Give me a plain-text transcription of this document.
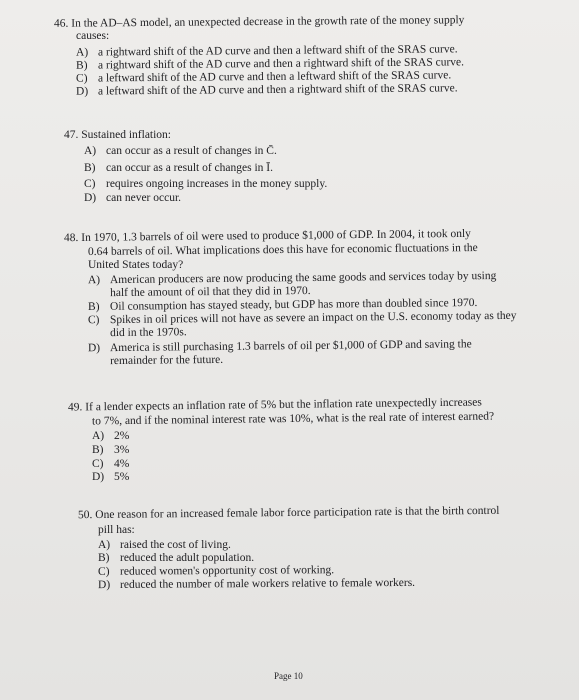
46. In the AD–AS model, an unexpected decrease in the growth rate of the money supply
causes:
A) a rightward shift of the AD curve and then a leftward shift of the SRAS curve.
B) a rightward shift of the AD curve and then a rightward shift of the SRAS curve.
C) a leftward shift of the AD curve and then a leftward shift of the SRAS curve.
D) a leftward shift of the AD curve and then a rightward shift of the SRAS curve.
47. Sustained inflation:
A) can occur as a result of changes in C̄.
B) can occur as a result of changes in Ī.
C) requires ongoing increases in the money supply.
D) can never occur.
48. In 1970, 1.3 barrels of oil were used to produce $1,000 of GDP. In 2004, it took only
0.64 barrels of oil. What implications does this have for economic fluctuations in the
United States today?
A) American producers are now producing the same goods and services today by using half the amount of oil that they did in 1970.
B) Oil consumption has stayed steady, but GDP has more than doubled since 1970.
C) Spikes in oil prices will not have as severe an impact on the U.S. economy today as they did in the 1970s.
D) America is still purchasing 1.3 barrels of oil per $1,000 of GDP and saving the remainder for the future.
49. If a lender expects an inflation rate of 5% but the inflation rate unexpectedly increases
to 7%, and if the nominal interest rate was 10%, what is the real rate of interest earned?
A) 2%
B) 3%
C) 4%
D) 5%
50. One reason for an increased female labor force participation rate is that the birth control
pill has:
A) raised the cost of living.
B) reduced the adult population.
C) reduced women's opportunity cost of working.
D) reduced the number of male workers relative to female workers.
Page 10
